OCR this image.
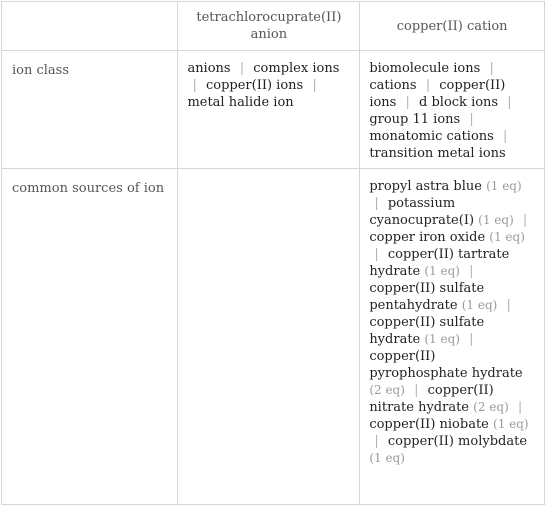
	tetrachlorocuprate(II) anion	copper(II) cation

ion class	anions | complex ions | copper(II) ions | metal halide ion	biomolecule ions | cations | copper(II) ions | d block ions | group 11 ions | monatomic cations | transition metal ions
common sources of ion		propyl astra blue (1 eq) | potassium cyanocuprate(I) (1 eq) | copper iron oxide (1 eq) | copper(II) tartrate hydrate (1 eq) | copper(II) sulfate pentahydrate (1 eq) | copper(II) sulfate hydrate (1 eq) | copper(II) pyrophosphate hydrate (2 eq) | copper(II) nitrate hydrate (2 eq) | copper(II) niobate (1 eq) | copper(II) molybdate (1 eq)
